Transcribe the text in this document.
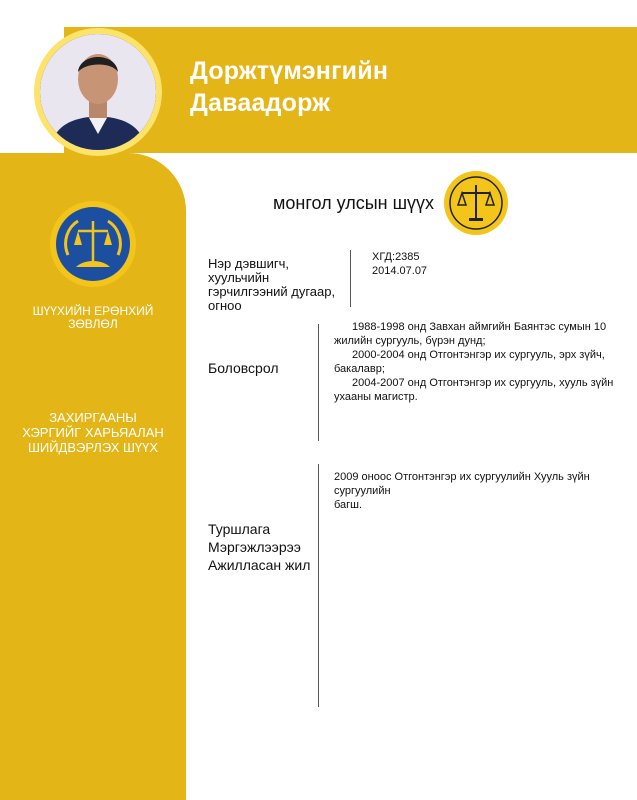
Доржтүмэнгийн
Даваадорж
монгол улсын шүүх
ШҮҮХИЙН ЕРӨНХИЙ
ЗӨВЛӨЛ
ЗАХИРГААНЫ
ХЭРГИЙГ ХАРЬЯАЛАН
ШИЙДВЭРЛЭХ ШҮҮХ
Нэр дэвшигч,
хуульчийн
гэрчилгээний дугаар,
огноо
ХГД:2385
2014.07.07
Боловсрол

1988-1998 онд Завхан аймгийн Баянтэс сумын 10

жилийн сургууль, бүрэн дунд;

2000-2004 онд Отгонтэнгэр их сургууль, эрх зүйч,

бакалавр;

2004-2007 онд Отгонтэнгэр их сургууль, хууль зүйн

ухааны магистр.

Туршлага
Мэргэжлээрээ
Ажилласан жил
2009 оноос Отгонтэнгэр их сургуулийн Хууль зүйн сургуулийн
багш.
